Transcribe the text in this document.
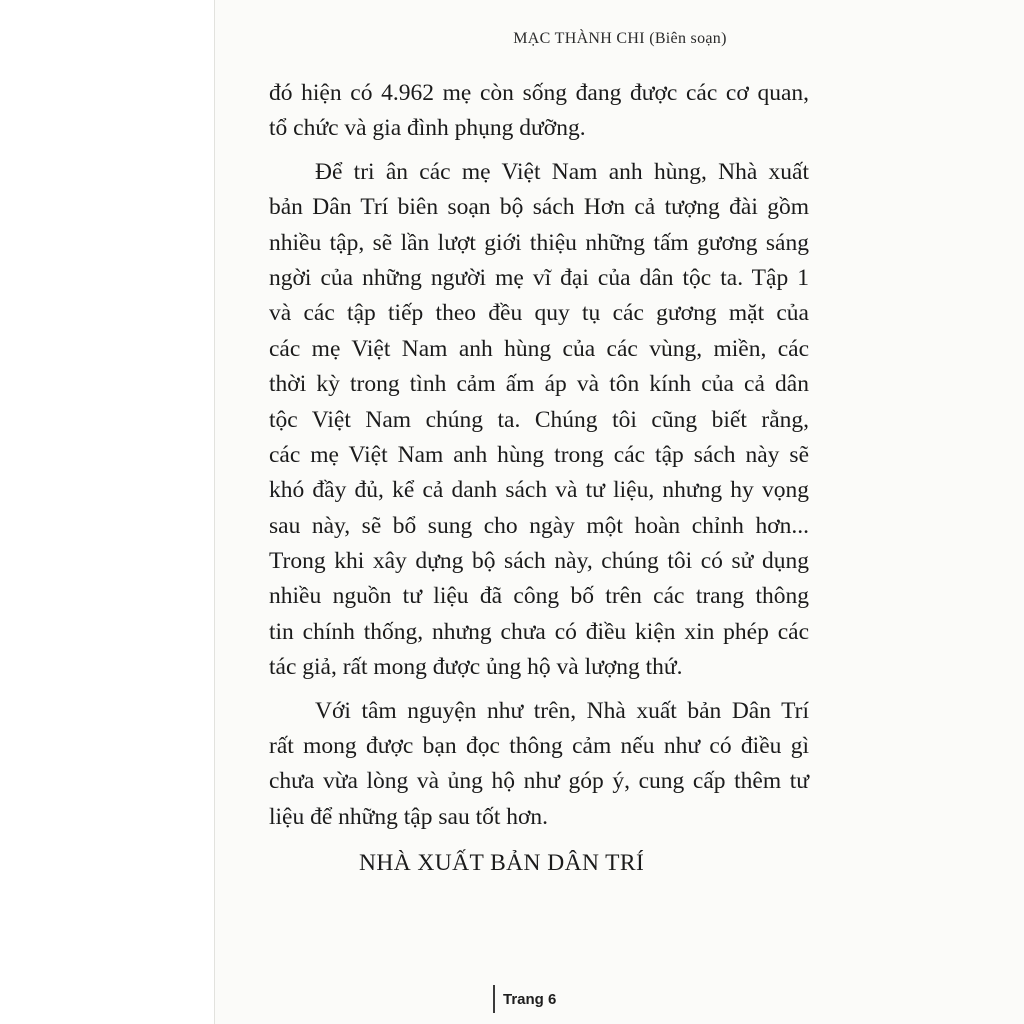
MẠC THÀNH CHI (Biên soạn)
đó hiện có 4.962 mẹ còn sống đang được các cơ quan,
tổ chức và gia đình phụng dưỡng.
Để tri ân các mẹ Việt Nam anh hùng, Nhà xuất
bản Dân Trí biên soạn bộ sách Hơn cả tượng đài gồm
nhiều tập, sẽ lần lượt giới thiệu những tấm gương sáng
ngời của những người mẹ vĩ đại của dân tộc ta. Tập 1
và các tập tiếp theo đều quy tụ các gương mặt của
các mẹ Việt Nam anh hùng của các vùng, miền, các
thời kỳ trong tình cảm ấm áp và tôn kính của cả dân
tộc Việt Nam chúng ta. Chúng tôi cũng biết rằng,
các mẹ Việt Nam anh hùng trong các tập sách này sẽ
khó đầy đủ, kể cả danh sách và tư liệu, nhưng hy vọng
sau này, sẽ bổ sung cho ngày một hoàn chỉnh hơn...
Trong khi xây dựng bộ sách này, chúng tôi có sử dụng
nhiều nguồn tư liệu đã công bố trên các trang thông
tin chính thống, nhưng chưa có điều kiện xin phép các
tác giả, rất mong được ủng hộ và lượng thứ.
Với tâm nguyện như trên, Nhà xuất bản Dân Trí
rất mong được bạn đọc thông cảm nếu như có điều gì
chưa vừa lòng và ủng hộ như góp ý, cung cấp thêm tư
liệu để những tập sau tốt hơn.
NHÀ XUẤT BẢN DÂN TRÍ
Trang 6
